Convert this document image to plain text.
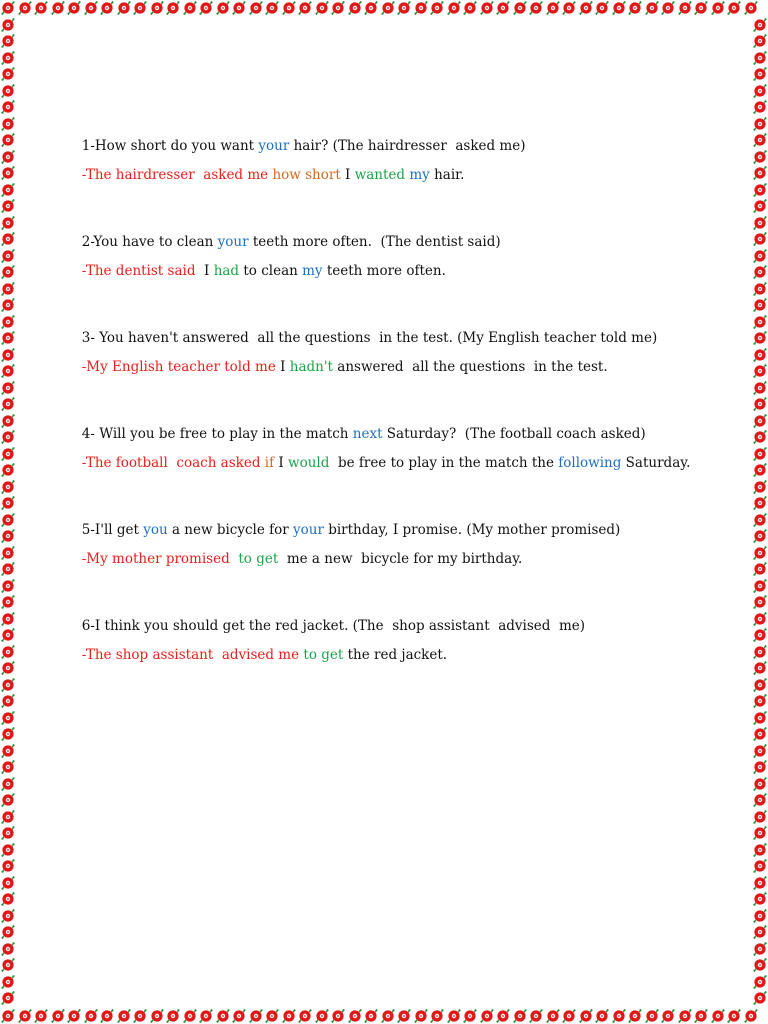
1-How short do you want your hair? (The hairdresser  asked me)

-The hairdresser  asked me how short I wanted my hair.

2-You have to clean your teeth more often.  (The dentist said)

-The dentist said  I had to clean my teeth more often.

3- You haven't answered  all the questions  in the test. (My English teacher told me)

-My English teacher told me I hadn't answered  all the questions  in the test.

4- Will you be free to play in the match next Saturday?  (The football coach asked)

-The football  coach asked if I would  be free to play in the match the following Saturday.

5-I'll get you a new bicycle for your birthday, I promise. (My mother promised)

-My mother promised to get  me a new  bicycle for my birthday.

6-I think you should get the red jacket. (The  shop assistant  advised  me)

-The shop assistant  advised me to get the red jacket.
